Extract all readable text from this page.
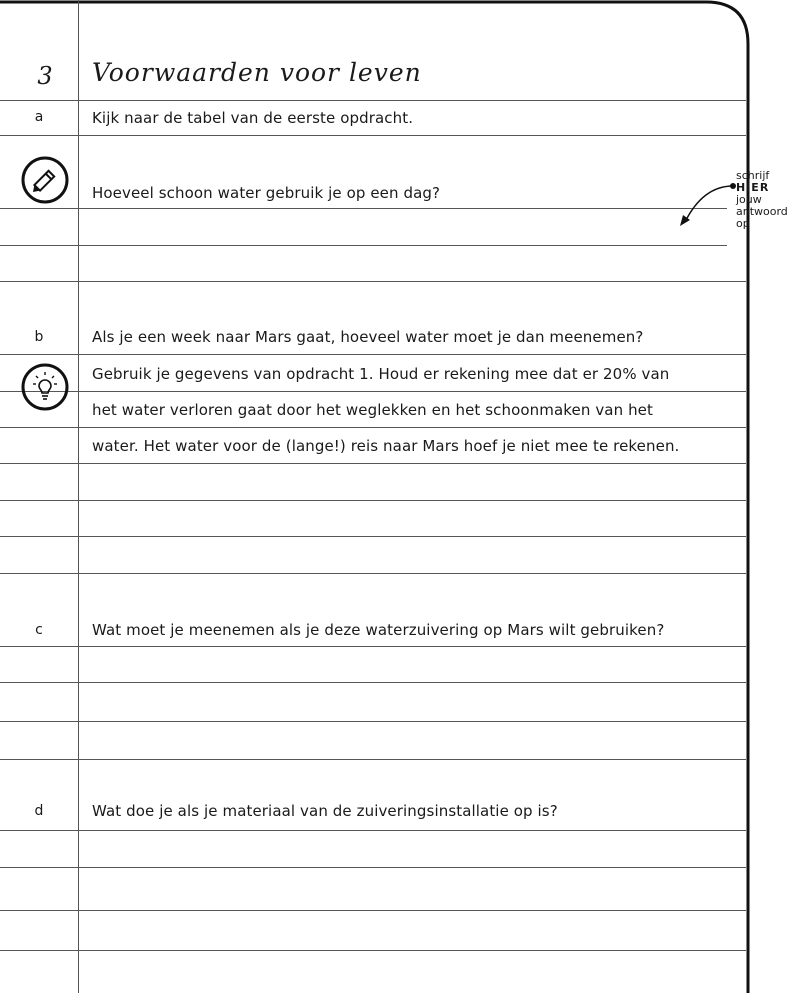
3	Voorwaarden voor leven
a	Kijk naar de tabel van de eerste opdracht.
Hoeveel schoon water gebruik je op een dag?
schrijf
HIER
jouw
antwoord
op
b	Als je een week naar Mars gaat, hoeveel water moet je dan meenemen?
Gebruik je gegevens van opdracht 1. Houd er rekening mee dat er 20% van
het water verloren gaat door het weglekken en het schoonmaken van het
water. Het water voor de (lange!) reis naar Mars hoef je niet mee te rekenen.
c	Wat moet je meenemen als je deze waterzuivering op Mars wilt gebruiken?
d	Wat doe je als je materiaal van de zuiveringsinstallatie op is?
